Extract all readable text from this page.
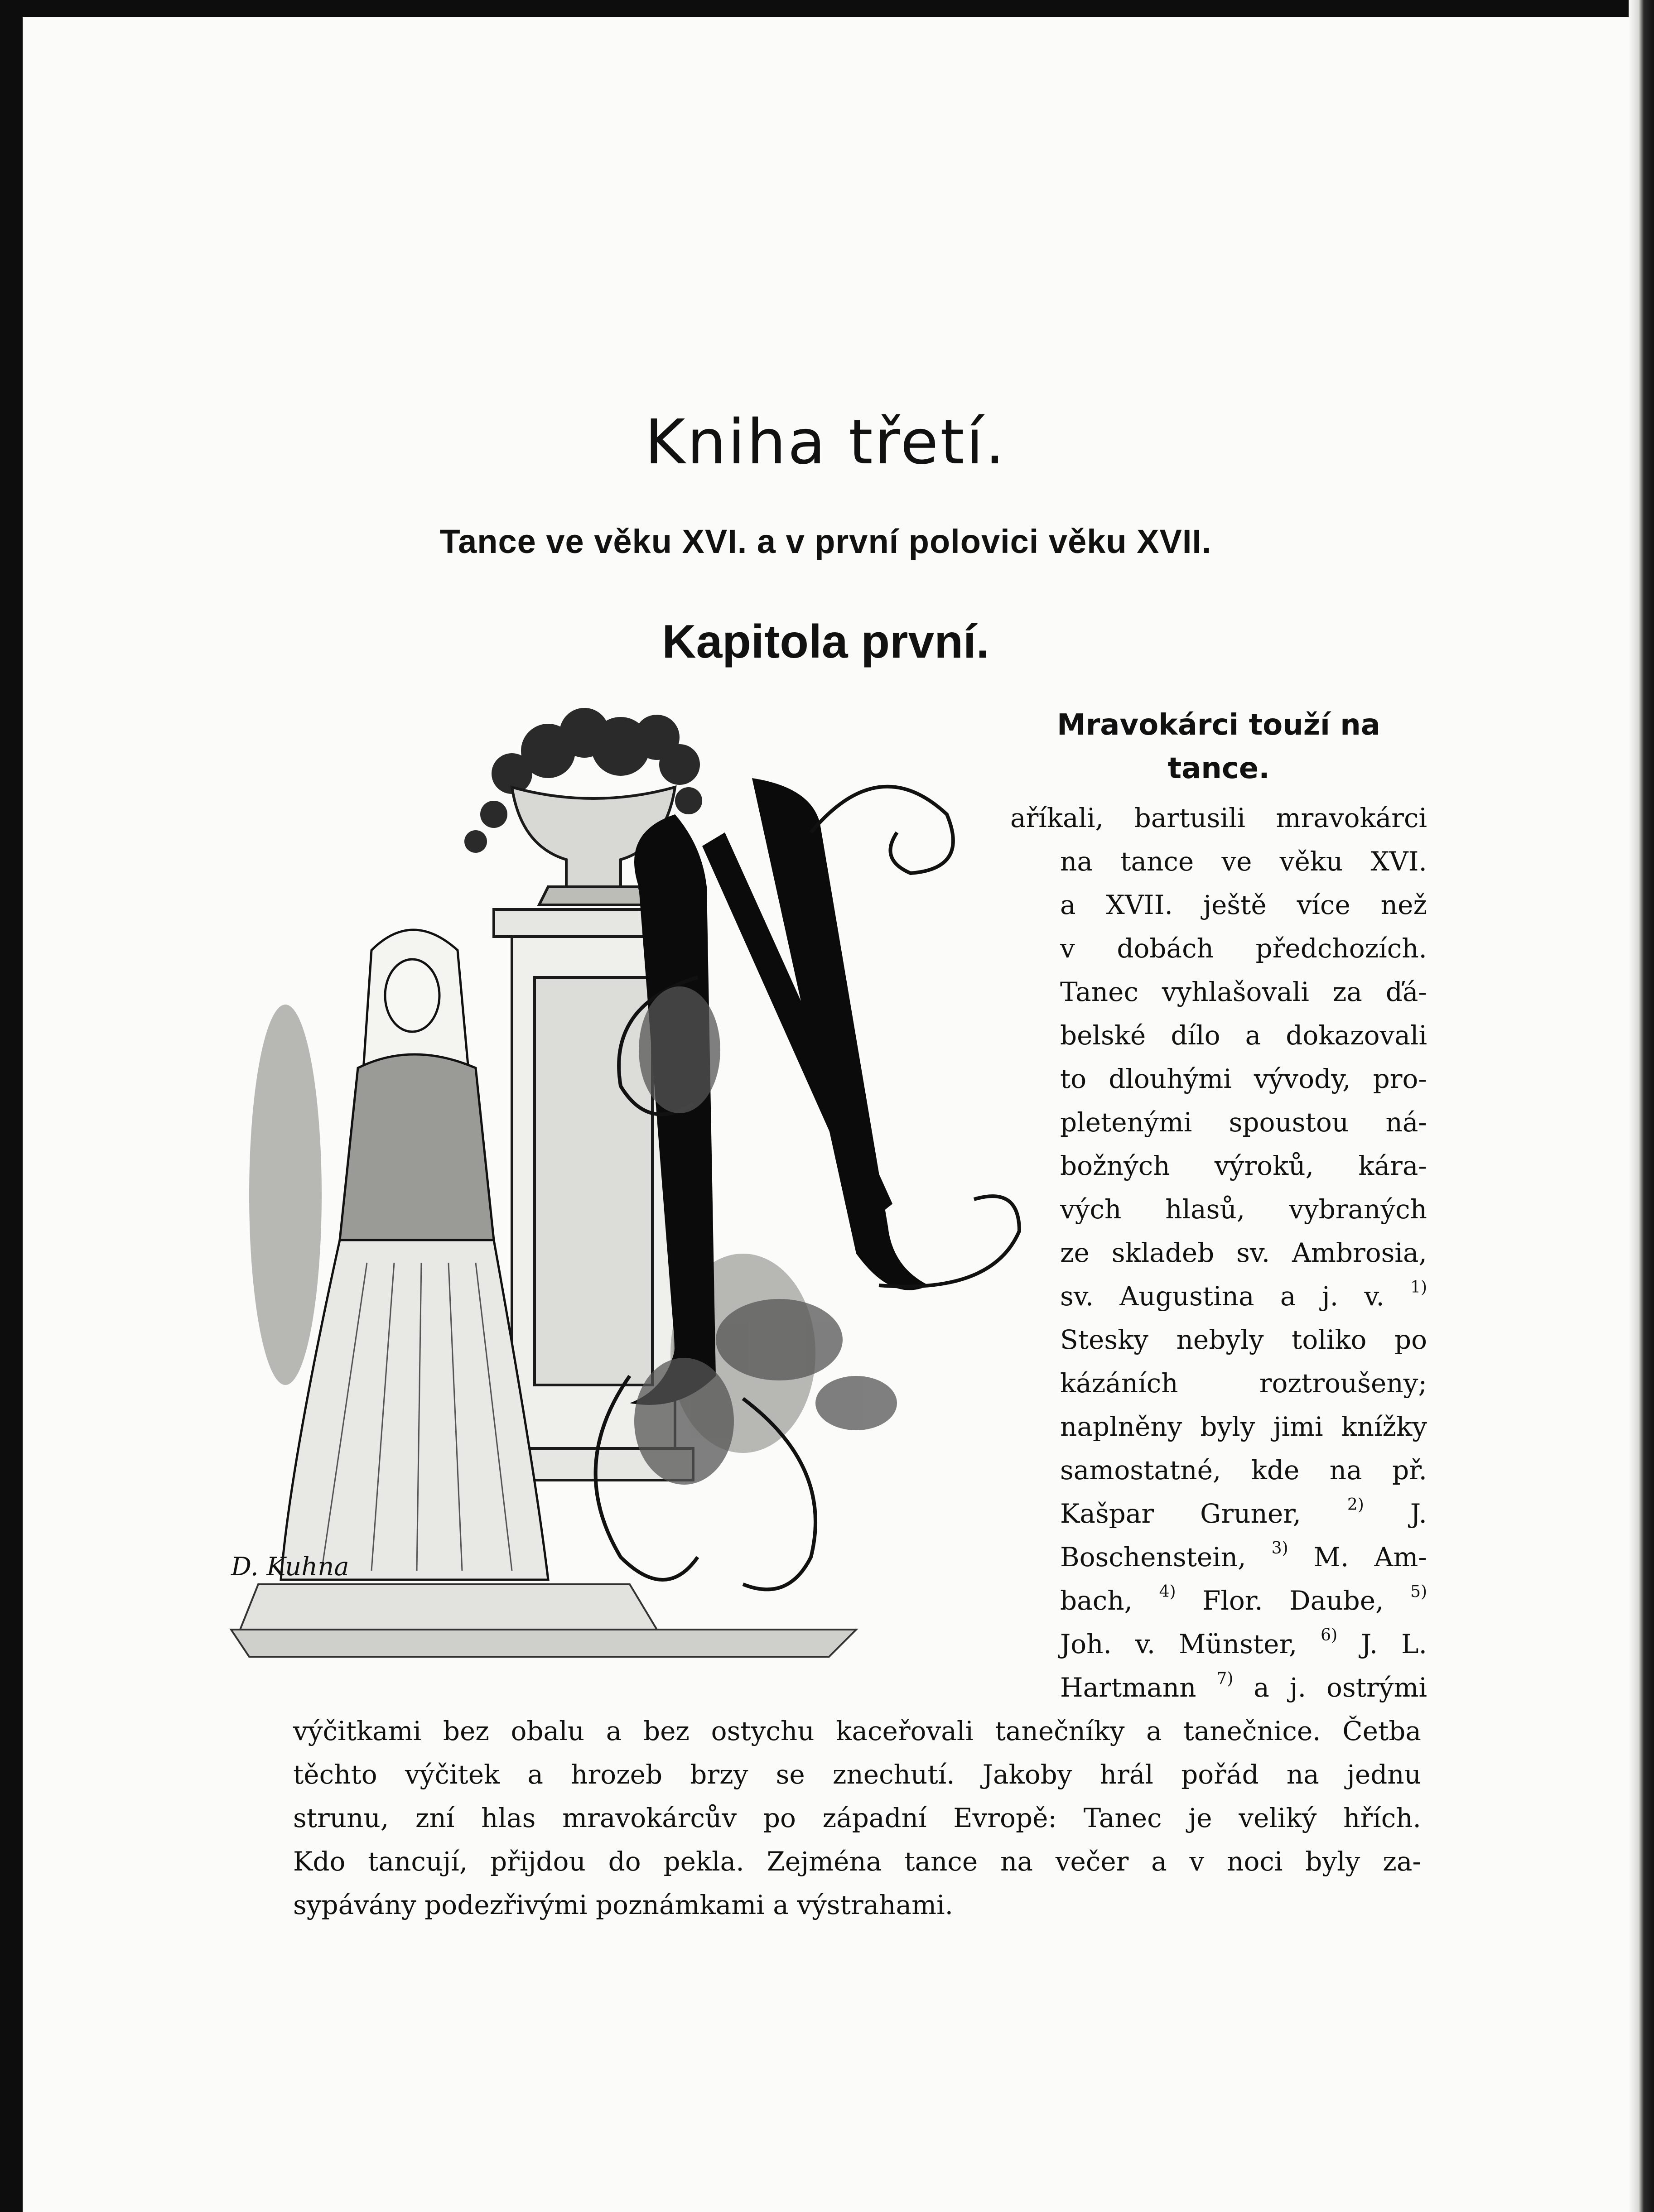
Kniha třetí.
Tance ve věku XVI. a v první polovici věku XVII.
Kapitola první.
Mravokárci touží na
tance.
D. Kuhna
aříkali, bartusili mravokárci
na tance ve věku XVI.
a XVII. ještě více než
v dobách předchozích.
Tanec vyhlašovali za ďá-
belské dílo a dokazovali
to dlouhými vývody, pro-
pletenými spoustou ná-
božných výroků, kára-
vých hlasů, vybraných
ze skladeb sv. Ambrosia,
sv. Augustina a j. v. $^{1)}$
Stesky nebyly toliko po
kázáních roztroušeny;
naplněny byly jimi knížky
samostatné, kde na př.
Kašpar Gruner,	$^{2)}$ J.
Boschenstein, $^{3)}$ M. Am-
bach, $^{4)}$ Flor. Daube, $^{5)}$
Joh. v. Münster, $^{6)}$ J. L.
Hartmann $^{7)}$ a j. ostrými
výčitkami bez obalu a bez ostychu kaceřovali tanečníky a tanečnice. Četba
těchto výčitek a hrozeb brzy se znechutí. Jakoby hrál pořád na jednu
strunu, zní hlas mravokárcův po západní Evropě: Tanec je veliký hřích.
Kdo tancují, přijdou do pekla. Zejména tance na večer a v noci byly za-
sypávány podezřivými poznámkami a výstrahami.
